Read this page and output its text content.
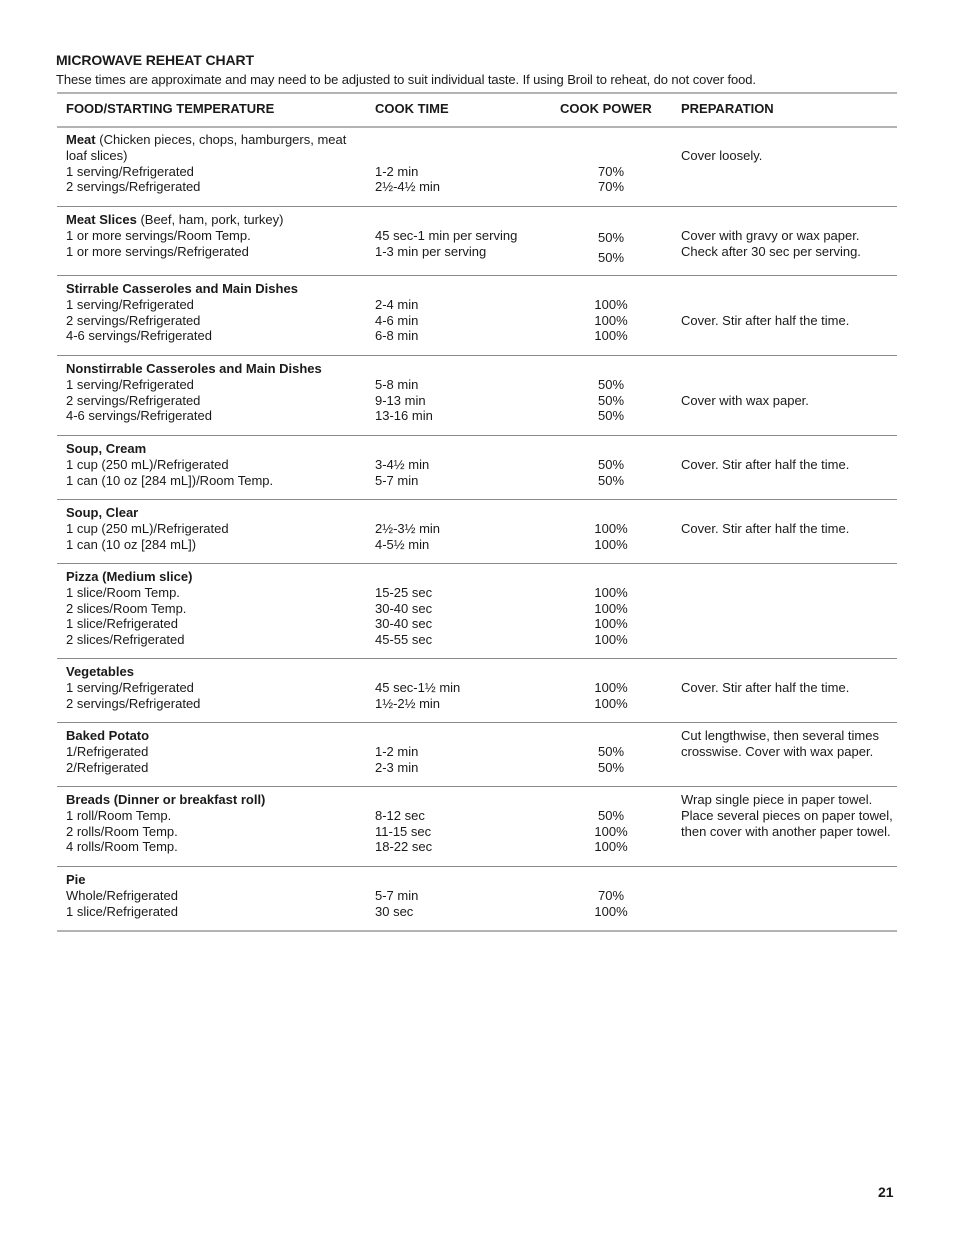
MICROWAVE REHEAT CHART
These times are approximate and may need to be adjusted to suit individual taste. If using Broil to reheat, do not cover food.
FOOD/STARTING TEMPERATURE	COOK TIME	COOK POWER PREPARATION
Meat (Chicken pieces, chops, hamburgers, meat loaf slices)
1 serving/Refrigerated
2 servings/Refrigerated
1-2 min
2½-4½ min
70%
70%
Cover loosely.
Meat Slices (Beef, ham, pork, turkey)
1 or more servings/Room Temp.
1 or more servings/Refrigerated
45 sec-1 min per serving
1-3 min per serving
50%
50%
Cover with gravy or wax paper. Check after 30 sec per serving.
Stirrable Casseroles and Main Dishes
1 serving/Refrigerated
2 servings/Refrigerated
4-6 servings/Refrigerated
2-4 min
4-6 min
6-8 min
100%
100%
100%
Cover. Stir after half the time.
Nonstirrable Casseroles and Main Dishes
1 serving/Refrigerated
2 servings/Refrigerated
4-6 servings/Refrigerated
5-8 min
9-13 min
13-16 min
50%
50%
50%
Cover with wax paper.
Soup, Cream
1 cup (250 mL)/Refrigerated
1 can (10 oz [284 mL])/Room Temp.
3-4½ min
5-7 min
50%
50%
Cover. Stir after half the time.
Soup, Clear
1 cup (250 mL)/Refrigerated
1 can (10 oz [284 mL])
2½-3½ min
4-5½ min
100%
100%
Cover. Stir after half the time.
Pizza (Medium slice)
1 slice/Room Temp.
2 slices/Room Temp.
1 slice/Refrigerated
2 slices/Refrigerated
15-25 sec
30-40 sec
30-40 sec
45-55 sec
100%
100%
100%
100%
Vegetables
1 serving/Refrigerated
2 servings/Refrigerated
45 sec-1½ min
1½-2½ min
100%
100%
Cover. Stir after half the time.
Baked Potato
1/Refrigerated
2/Refrigerated
1-2 min
2-3 min
50%
50%
Cut lengthwise, then several times crosswise. Cover with wax paper.
Breads (Dinner or breakfast roll)
1 roll/Room Temp.
2 rolls/Room Temp.
4 rolls/Room Temp.
8-12 sec
11-15 sec
18-22 sec
50%
100%
100%
Wrap single piece in paper towel. Place several pieces on paper towel, then cover with another paper towel.
Pie
Whole/Refrigerated
1 slice/Refrigerated
5-7 min
30 sec
70%
100%
21
